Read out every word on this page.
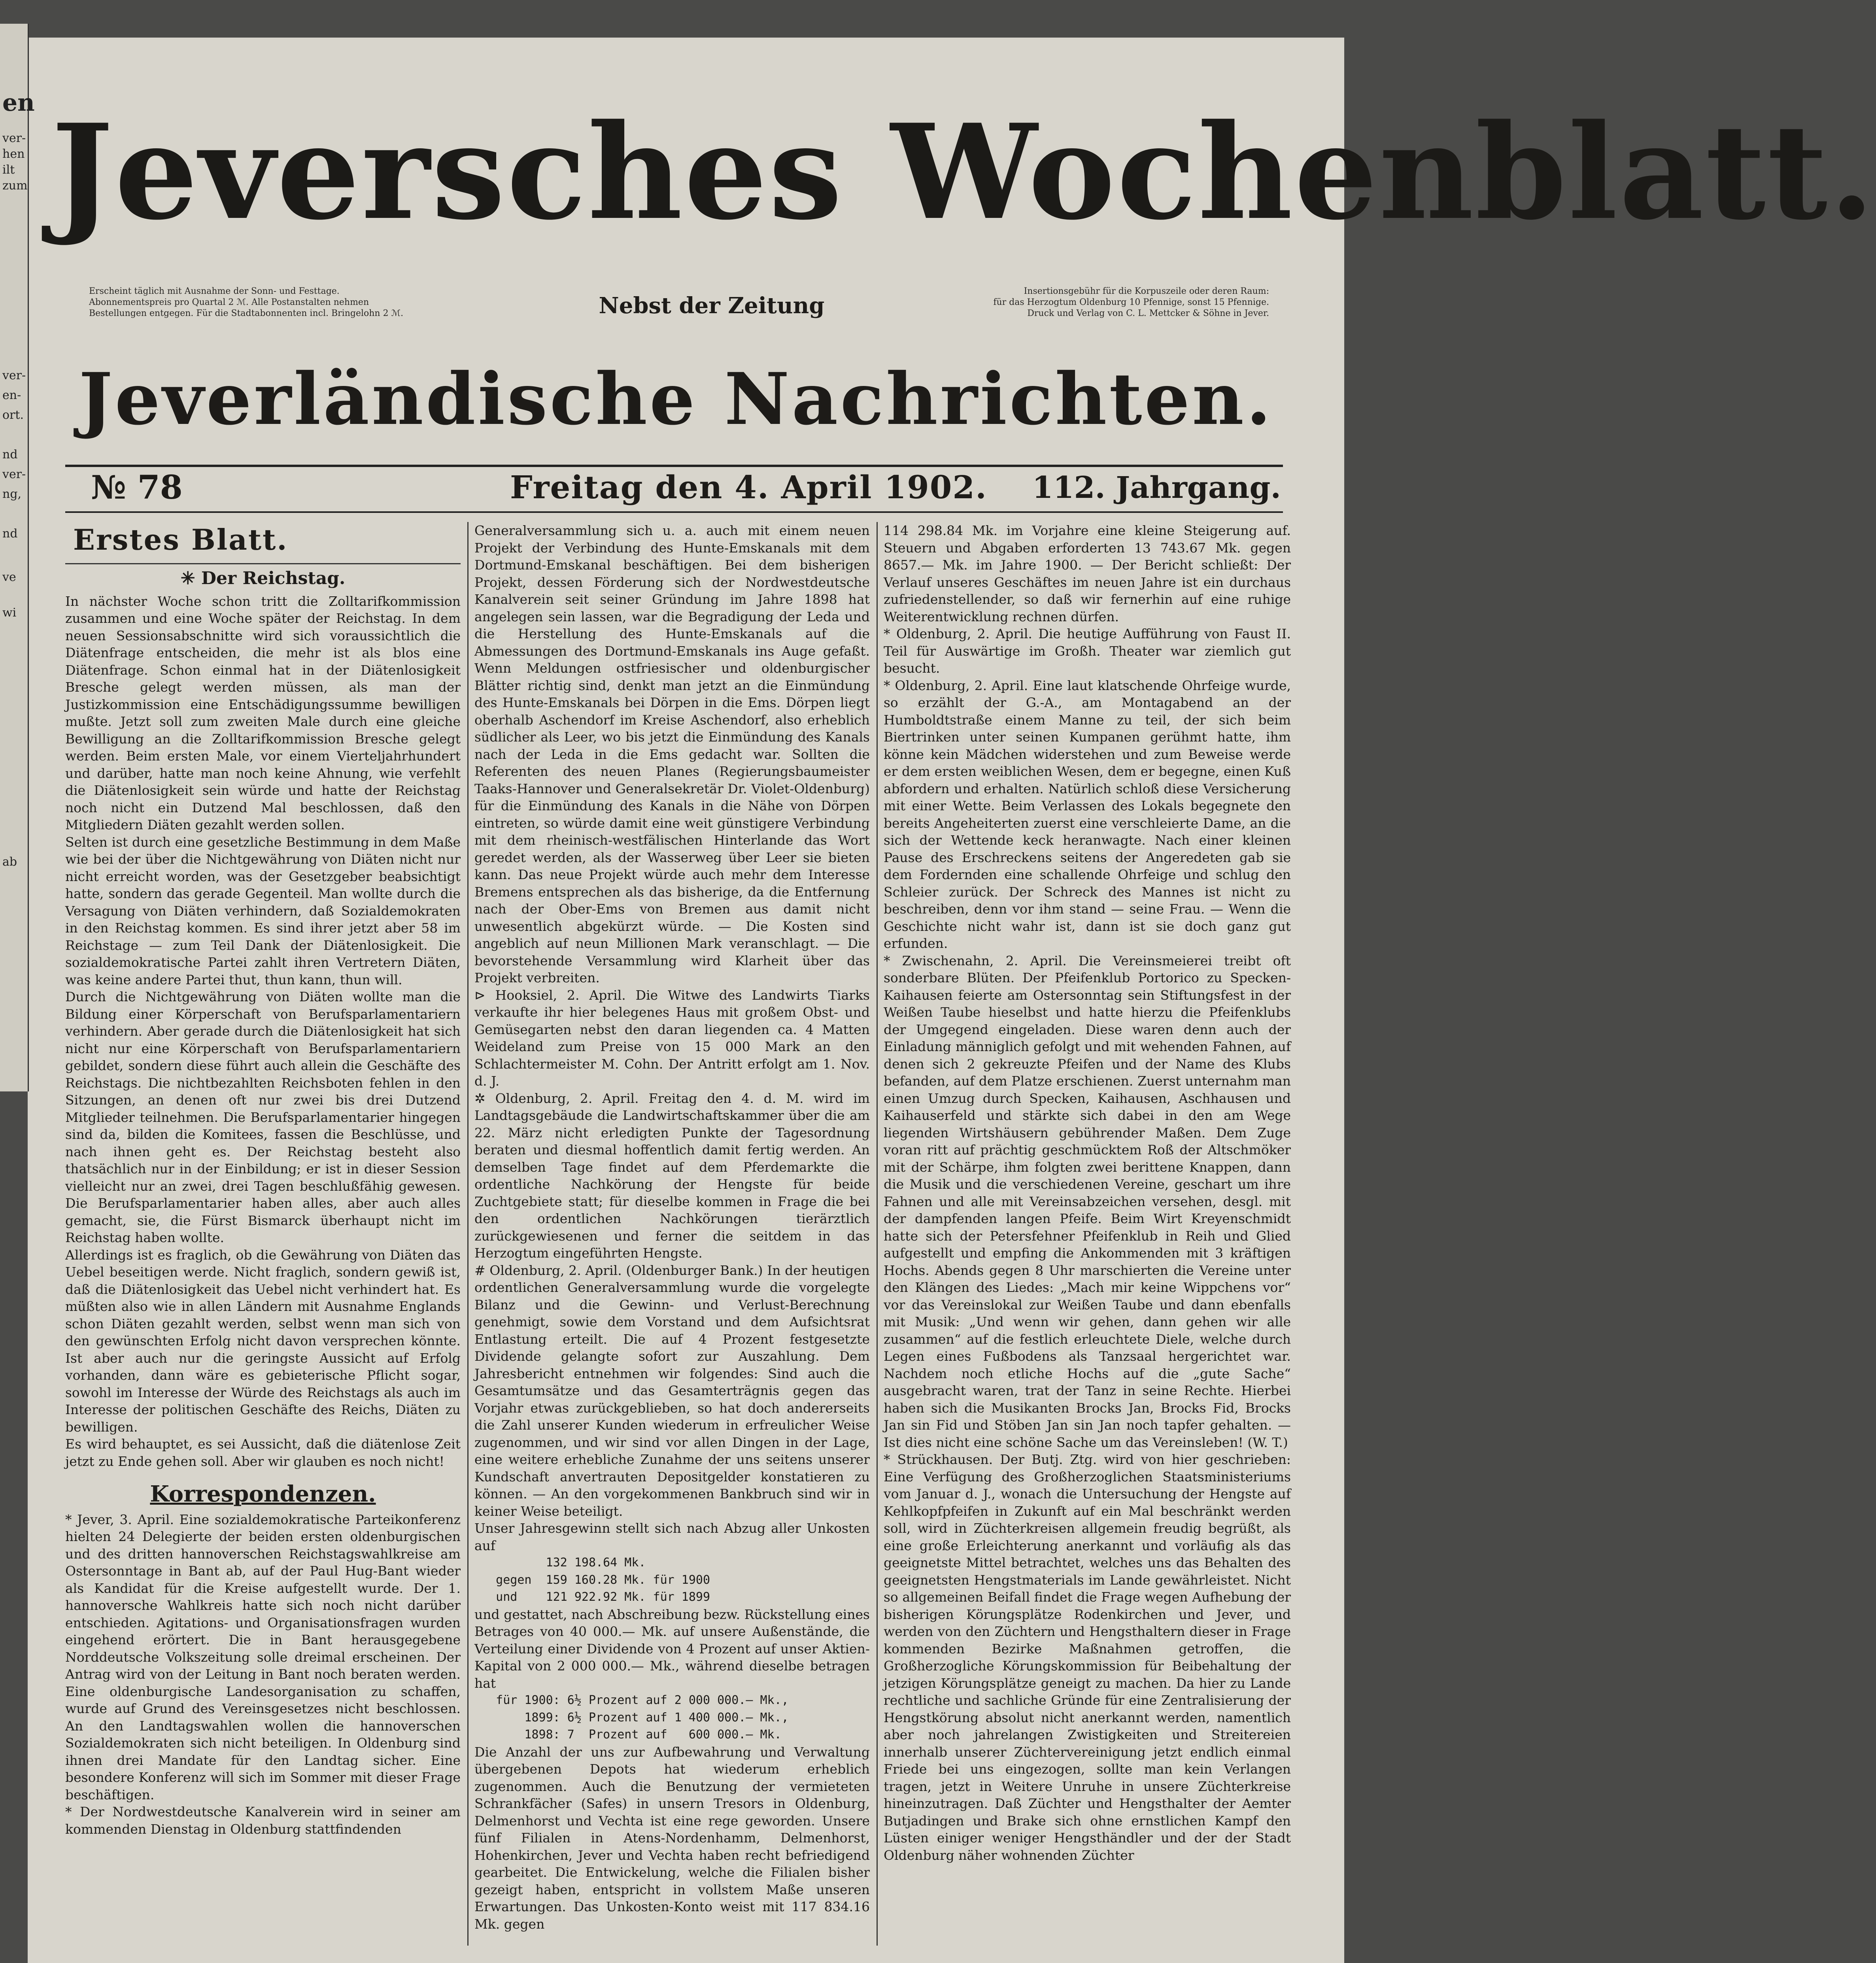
Jeversches Wochenblatt.
Erscheint täglich mit Ausnahme der Sonn- und Festtage.
Abonnementspreis pro Quartal 2 ℳ. Alle Postanstalten nehmen
Bestellungen entgegen. Für die Stadtabonnenten incl. Bringelohn 2 ℳ.	Nebst der Zeitung
Insertionsgebühr für die Korpuszeile oder deren Raum:
für das Herzogtum Oldenburg 10 Pfennige, sonst 15 Pfennige.
Druck und Verlag von C. L. Mettcker & Söhne in Jever.
Jeverländische Nachrichten.
№ 78	Freitag den 4. April 1902. 112. Jahrgang.
Erstes Blatt.
✳ Der Reichstag.

In nächster Woche schon tritt die Zolltarifkommission zusammen und eine Woche später der Reichstag. In dem neuen Sessionsabschnitte wird sich voraussichtlich die Diätenfrage entscheiden, die mehr ist als blos eine Diätenfrage. Schon einmal hat in der Diätenlosigkeit Bresche gelegt werden müssen, als man der Justizkommission eine Entschädigungssumme bewilligen mußte. Jetzt soll zum zweiten Male durch eine gleiche Bewilligung an die Zolltarifkommission Bresche gelegt werden. Beim ersten Male, vor einem Vierteljahrhundert und darüber, hatte man noch keine Ahnung, wie verfehlt die Diätenlosigkeit sein würde und hatte der Reichstag noch nicht ein Dutzend Mal beschlossen, daß den Mitgliedern Diäten gezahlt werden sollen.

Selten ist durch eine gesetzliche Bestimmung in dem Maße wie bei der über die Nichtgewährung von Diäten nicht nur nicht erreicht worden, was der Gesetzgeber beabsichtigt hatte, sondern das gerade Gegenteil. Man wollte durch die Versagung von Diäten verhindern, daß Sozialdemokraten in den Reichstag kommen. Es sind ihrer jetzt aber 58 im Reichstage — zum Teil Dank der Diätenlosigkeit. Die sozialdemokratische Partei zahlt ihren Vertretern Diäten, was keine andere Partei thut, thun kann, thun will.

Durch die Nichtgewährung von Diäten wollte man die Bildung einer Körperschaft von Berufsparlamentariern verhindern. Aber gerade durch die Diätenlosigkeit hat sich nicht nur eine Körperschaft von Berufsparlamentariern gebildet, sondern diese führt auch allein die Geschäfte des Reichstags. Die nichtbezahlten Reichsboten fehlen in den Sitzungen, an denen oft nur zwei bis drei Dutzend Mitglieder teilnehmen. Die Berufsparlamentarier hingegen sind da, bilden die Komitees, fassen die Beschlüsse, und nach ihnen geht es. Der Reichstag besteht also thatsächlich nur in der Einbildung; er ist in dieser Session vielleicht nur an zwei, drei Tagen beschlußfähig gewesen. Die Berufsparlamentarier haben alles, aber auch alles gemacht, sie, die Fürst Bismarck überhaupt nicht im Reichstag haben wollte.

Allerdings ist es fraglich, ob die Gewährung von Diäten das Uebel beseitigen werde. Nicht fraglich, sondern gewiß ist, daß die Diätenlosigkeit das Uebel nicht verhindert hat. Es müßten also wie in allen Ländern mit Ausnahme Englands schon Diäten gezahlt werden, selbst wenn man sich von den gewünschten Erfolg nicht davon versprechen könnte. Ist aber auch nur die geringste Aussicht auf Erfolg vorhanden, dann wäre es gebieterische Pflicht sogar, sowohl im Interesse der Würde des Reichstags als auch im Interesse der politischen Geschäfte des Reichs, Diäten zu bewilligen.

Es wird behauptet, es sei Aussicht, daß die diätenlose Zeit jetzt zu Ende gehen soll. Aber wir glauben es noch nicht!

Korrespondenzen.

* Jever, 3. April. Eine sozialdemokratische Parteikonferenz hielten 24 Delegierte der beiden ersten oldenburgischen und des dritten hannoverschen Reichstagswahlkreise am Ostersonntage in Bant ab, auf der Paul Hug-Bant wieder als Kandidat für die Kreise aufgestellt wurde. Der 1. hannoversche Wahlkreis hatte sich noch nicht darüber entschieden. Agitations- und Organisationsfragen wurden eingehend erörtert. Die in Bant herausgegebene Norddeutsche Volkszeitung solle dreimal erscheinen. Der Antrag wird von der Leitung in Bant noch beraten werden. Eine oldenburgische Landesorganisation zu schaffen, wurde auf Grund des Vereinsgesetzes nicht beschlossen. An den Landtagswahlen wollen die hannoverschen Sozialdemokraten sich nicht beteiligen. In Oldenburg sind ihnen drei Mandate für den Landtag sicher. Eine besondere Konferenz will sich im Sommer mit dieser Frage beschäftigen.

* Der Nordwestdeutsche Kanalverein wird in seiner am kommenden Dienstag in Oldenburg stattfindenden

Generalversammlung sich u. a. auch mit einem neuen Projekt der Verbindung des Hunte-Emskanals mit dem Dortmund-Emskanal beschäftigen. Bei dem bisherigen Projekt, dessen Förderung sich der Nordwestdeutsche Kanalverein seit seiner Gründung im Jahre 1898 hat angelegen sein lassen, war die Begradigung der Leda und die Herstellung des Hunte-Emskanals auf die Abmessungen des Dortmund-Emskanals ins Auge gefaßt. Wenn Meldungen ostfriesischer und oldenburgischer Blätter richtig sind, denkt man jetzt an die Einmündung des Hunte-Emskanals bei Dörpen in die Ems. Dörpen liegt oberhalb Aschendorf im Kreise Aschendorf, also erheblich südlicher als Leer, wo bis jetzt die Einmündung des Kanals nach der Leda in die Ems gedacht war. Sollten die Referenten des neuen Planes (Regierungsbaumeister Taaks-Hannover und Generalsekretär Dr. Violet-Oldenburg) für die Einmündung des Kanals in die Nähe von Dörpen eintreten, so würde damit eine weit günstigere Verbindung mit dem rheinisch-westfälischen Hinterlande das Wort geredet werden, als der Wasserweg über Leer sie bieten kann. Das neue Projekt würde auch mehr dem Interesse Bremens entsprechen als das bisherige, da die Entfernung nach der Ober-Ems von Bremen aus damit nicht unwesentlich abgekürzt würde. — Die Kosten sind angeblich auf neun Millionen Mark veranschlagt. — Die bevorstehende Versammlung wird Klarheit über das Projekt verbreiten.

⊳ Hooksiel, 2. April. Die Witwe des Landwirts Tiarks verkaufte ihr hier belegenes Haus mit großem Obst- und Gemüsegarten nebst den daran liegenden ca. 4 Matten Weideland zum Preise von 15 000 Mark an den Schlachtermeister M. Cohn. Der Antritt erfolgt am 1. Nov. d. J.

✲ Oldenburg, 2. April. Freitag den 4. d. M. wird im Landtagsgebäude die Landwirtschaftskammer über die am 22. März nicht erledigten Punkte der Tagesordnung beraten und diesmal hoffentlich damit fertig werden. An demselben Tage findet auf dem Pferdemarkte die ordentliche Nachkörung der Hengste für beide Zuchtgebiete statt; für dieselbe kommen in Frage die bei den ordentlichen Nachkörungen tierärztlich zurückgewiesenen und ferner die seitdem in das Herzogtum eingeführten Hengste.

# Oldenburg, 2. April. (Oldenburger Bank.) In der heutigen ordentlichen Generalversammlung wurde die vorgelegte Bilanz und die Gewinn- und Verlust-Berechnung genehmigt, sowie dem Vorstand und dem Aufsichtsrat Entlastung erteilt. Die auf 4 Prozent festgesetzte Dividende gelangte sofort zur Auszahlung. Dem Jahresbericht entnehmen wir folgendes: Sind auch die Gesamtumsätze und das Gesamterträgnis gegen das Vorjahr etwas zurückgeblieben, so hat doch andererseits die Zahl unserer Kunden wiederum in erfreulicher Weise zugenommen, und wir sind vor allen Dingen in der Lage, eine weitere erhebliche Zunahme der uns seitens unserer Kundschaft anvertrauten Depositgelder konstatieren zu können. — An den vorgekommenen Bankbruch sind wir in keiner Weise beteiligt.

Unser Jahresgewinn stellt sich nach Abzug aller Unkosten auf

132 198.64 Mk.
gegen  159 160.28 Mk. für 1900
und    121 922.92 Mk. für 1899

und gestattet, nach Abschreibung bezw. Rückstellung eines Betrages von 40 000.— Mk. auf unsere Außenstände, die Verteilung einer Dividende von 4 Prozent auf unser Aktien-Kapital von 2 000 000.— Mk., während dieselbe betragen hat

für 1900: 6½ Prozent auf 2 000 000.— Mk.,
1899: 6½ Prozent auf 1 400 000.— Mk.,
1898: 7  Prozent auf   600 000.— Mk.

Die Anzahl der uns zur Aufbewahrung und Verwaltung übergebenen Depots hat wiederum erheblich zugenommen. Auch die Benutzung der vermieteten Schrankfächer (Safes) in unsern Tresors in Oldenburg, Delmenhorst und Vechta ist eine rege geworden. Unsere fünf Filialen in Atens-Nordenhamm, Delmenhorst, Hohenkirchen, Jever und Vechta haben recht befriedigend gearbeitet. Die Entwickelung, welche die Filialen bisher gezeigt haben, entspricht in vollstem Maße unseren Erwartungen. Das Unkosten-Konto weist mit 117 834.16 Mk. gegen

114 298.84 Mk. im Vorjahre eine kleine Steigerung auf. Steuern und Abgaben erforderten 13 743.67 Mk. gegen 8657.— Mk. im Jahre 1900. — Der Bericht schließt: Der Verlauf unseres Geschäftes im neuen Jahre ist ein durchaus zufriedenstellender, so daß wir fernerhin auf eine ruhige Weiterentwicklung rechnen dürfen.

* Oldenburg, 2. April. Die heutige Aufführung von Faust II. Teil für Auswärtige im Großh. Theater war ziemlich gut besucht.

* Oldenburg, 2. April. Eine laut klatschende Ohrfeige wurde, so erzählt der G.-A., am Montagabend an der Humboldtstraße einem Manne zu teil, der sich beim Biertrinken unter seinen Kumpanen gerühmt hatte, ihm könne kein Mädchen widerstehen und zum Beweise werde er dem ersten weiblichen Wesen, dem er begegne, einen Kuß abfordern und erhalten. Natürlich schloß diese Versicherung mit einer Wette. Beim Verlassen des Lokals begegnete den bereits Angeheiterten zuerst eine verschleierte Dame, an die sich der Wettende keck heranwagte. Nach einer kleinen Pause des Erschreckens seitens der Angeredeten gab sie dem Fordernden eine schallende Ohrfeige und schlug den Schleier zurück. Der Schreck des Mannes ist nicht zu beschreiben, denn vor ihm stand — seine Frau. — Wenn die Geschichte nicht wahr ist, dann ist sie doch ganz gut erfunden.

* Zwischenahn, 2. April. Die Vereinsmeierei treibt oft sonderbare Blüten. Der Pfeifenklub Portorico zu Specken-Kaihausen feierte am Ostersonntag sein Stiftungsfest in der Weißen Taube hieselbst und hatte hierzu die Pfeifenklubs der Umgegend eingeladen. Diese waren denn auch der Einladung männiglich gefolgt und mit wehenden Fahnen, auf denen sich 2 gekreuzte Pfeifen und der Name des Klubs befanden, auf dem Platze erschienen. Zuerst unternahm man einen Umzug durch Specken, Kaihausen, Aschhausen und Kaihauserfeld und stärkte sich dabei in den am Wege liegenden Wirtshäusern gebührender Maßen. Dem Zuge voran ritt auf prächtig geschmücktem Roß der Altschmöker mit der Schärpe, ihm folgten zwei berittene Knappen, dann die Musik und die verschiedenen Vereine, geschart um ihre Fahnen und alle mit Vereinsabzeichen versehen, desgl. mit der dampfenden langen Pfeife. Beim Wirt Kreyenschmidt hatte sich der Petersfehner Pfeifenklub in Reih und Glied aufgestellt und empfing die Ankommenden mit 3 kräftigen Hochs. Abends gegen 8 Uhr marschierten die Vereine unter den Klängen des Liedes: „Mach mir keine Wippchens vor“ vor das Vereinslokal zur Weißen Taube und dann ebenfalls mit Musik: „Und wenn wir gehen, dann gehen wir alle zusammen“ auf die festlich erleuchtete Diele, welche durch Legen eines Fußbodens als Tanzsaal hergerichtet war. Nachdem noch etliche Hochs auf die „gute Sache“ ausgebracht waren, trat der Tanz in seine Rechte. Hierbei haben sich die Musikanten Brocks Jan, Brocks Fid, Brocks Jan sin Fid und Stöben Jan sin Jan noch tapfer gehalten. — Ist dies nicht eine schöne Sache um das Vereinsleben! (W. T.)

* Strückhausen. Der Butj. Ztg. wird von hier geschrieben: Eine Verfügung des Großherzoglichen Staatsministeriums vom Januar d. J., wonach die Untersuchung der Hengste auf Kehlkopfpfeifen in Zukunft auf ein Mal beschränkt werden soll, wird in Züchterkreisen allgemein freudig begrüßt, als eine große Erleichterung anerkannt und vorläufig als das geeignetste Mittel betrachtet, welches uns das Behalten des geeignetsten Hengstmaterials im Lande gewährleistet. Nicht so allgemeinen Beifall findet die Frage wegen Aufhebung der bisherigen Körungsplätze Rodenkirchen und Jever, und werden von den Züchtern und Hengsthaltern dieser in Frage kommenden Bezirke Maßnahmen getroffen, die Großherzogliche Körungskommission für Beibehaltung der jetzigen Körungsplätze geneigt zu machen. Da hier zu Lande rechtliche und sachliche Gründe für eine Zentralisierung der Hengstkörung absolut nicht anerkannt werden, namentlich aber noch jahrelangen Zwistigkeiten und Streitereien innerhalb unserer Züchtervereinigung jetzt endlich einmal Friede bei uns eingezogen, sollte man kein Verlangen tragen, jetzt in Weitere Unruhe in unsere Züchterkreise hineinzutragen. Daß Züchter und Hengsthalter der Aemter Butjadingen und Brake sich ohne ernstlichen Kampf den Lüsten einiger weniger Hengsthändler und der der Stadt Oldenburg näher wohnenden Züchter

en
ver-
hen
ilt
zum
ver-
en-
ort.
nd
ver-
ng,
nd
ve
wi
ab
